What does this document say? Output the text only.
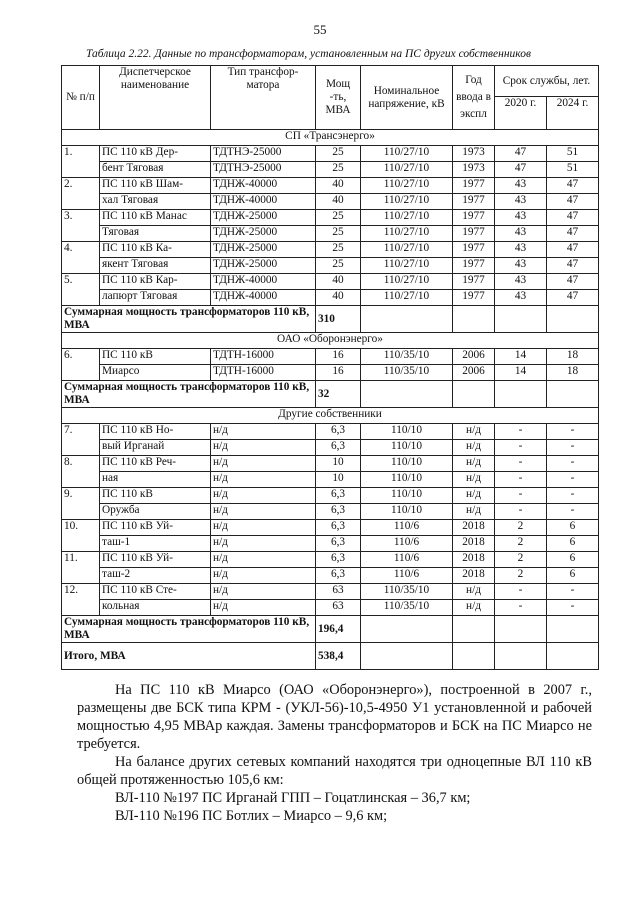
55
Таблица 2.22. Данные по трансформаторам, установленным на ПС других собственников
№ п/п	Диспетчерское наименование	Тип трансфор- матора	Мощ -ть, МВА	Номинальное напряжение, кВ	Год ввода в экспл	Срок службы, лет.	
						2020 г.	2024 г.
СП «Трансэнерго»							
1.	ПС 110 кВ Дер-	ТДТНЭ-25000	25	110/27/10	1973	47	51
	бент Тяговая	ТДТНЭ-25000	25	110/27/10	1973	47	51
2.	ПС 110 кВ Шам-	ТДНЖ-40000	40	110/27/10	1977	43	47
	хал Тяговая	ТДНЖ-40000	40	110/27/10	1977	43	47
3.	ПС 110 кВ Манас	ТДНЖ-25000	25	110/27/10	1977	43	47
	Тяговая	ТДНЖ-25000	25	110/27/10	1977	43	47
4.	ПС 110 кВ Ка-	ТДНЖ-25000	25	110/27/10	1977	43	47
	якент Тяговая	ТДНЖ-25000	25	110/27/10	1977	43	47
5.	ПС 110 кВ Кар-	ТДНЖ-40000	40	110/27/10	1977	43	47
	лапюрт Тяговая	ТДНЖ-40000	40	110/27/10	1977	43	47
Суммарная мощность трансформаторов 110 кВ, МВА			310				
ОАО «Оборонэнерго»							
6.	ПС 110 кВ	ТДТН-16000	16	110/35/10	2006	14	18
	Миарсо	ТДТН-16000	16	110/35/10	2006	14	18
Суммарная мощность трансформаторов 110 кВ, МВА			32				
Другие собственники							
7.	ПС 110 кВ Но-	н/д	6,3	110/10	н/д	-	-
	вый Ирганай	н/д	6,3	110/10	н/д	-	-
8.	ПС 110 кВ Реч-	н/д	10	110/10	н/д	-	-
	ная	н/д	10	110/10	н/д	-	-
9.	ПС 110 кВ	н/д	6,3	110/10	н/д	-	-
	Оружба	н/д	6,3	110/10	н/д	-	-
10.	ПС 110 кВ Уй-	н/д	6,3	110/6	2018	2	6
	таш-1	н/д	6,3	110/6	2018	2	6
11.	ПС 110 кВ Уй-	н/д	6,3	110/6	2018	2	6
	таш-2	н/д	6,3	110/6	2018	2	6
12.	ПС 110 кВ Сте-	н/д	63	110/35/10	н/д	-	-
	кольная	н/д	63	110/35/10	н/д	-	-
Суммарная мощность трансформаторов 110 кВ, МВА			196,4				
Итого, МВА			538,4				

На ПС 110 кВ Миарсо (ОАО «Оборонэнерго»), построенной в 2007 г., размещены две БСК типа КРМ - (УКЛ-56)-10,5-4950 У1 установленной и рабочей мощностью 4,95 МВАр каждая. Замены трансформаторов и БСК на ПС Миарсо не требуется.

На балансе других сетевых компаний находятся три одноцепные ВЛ 110 кВ общей протяженностью 105,6 км:

ВЛ-110 №197 ПС Ирганай ГПП – Гоцатлинская – 36,7 км;

ВЛ-110 №196 ПС Ботлих – Миарсо – 9,6 км;
